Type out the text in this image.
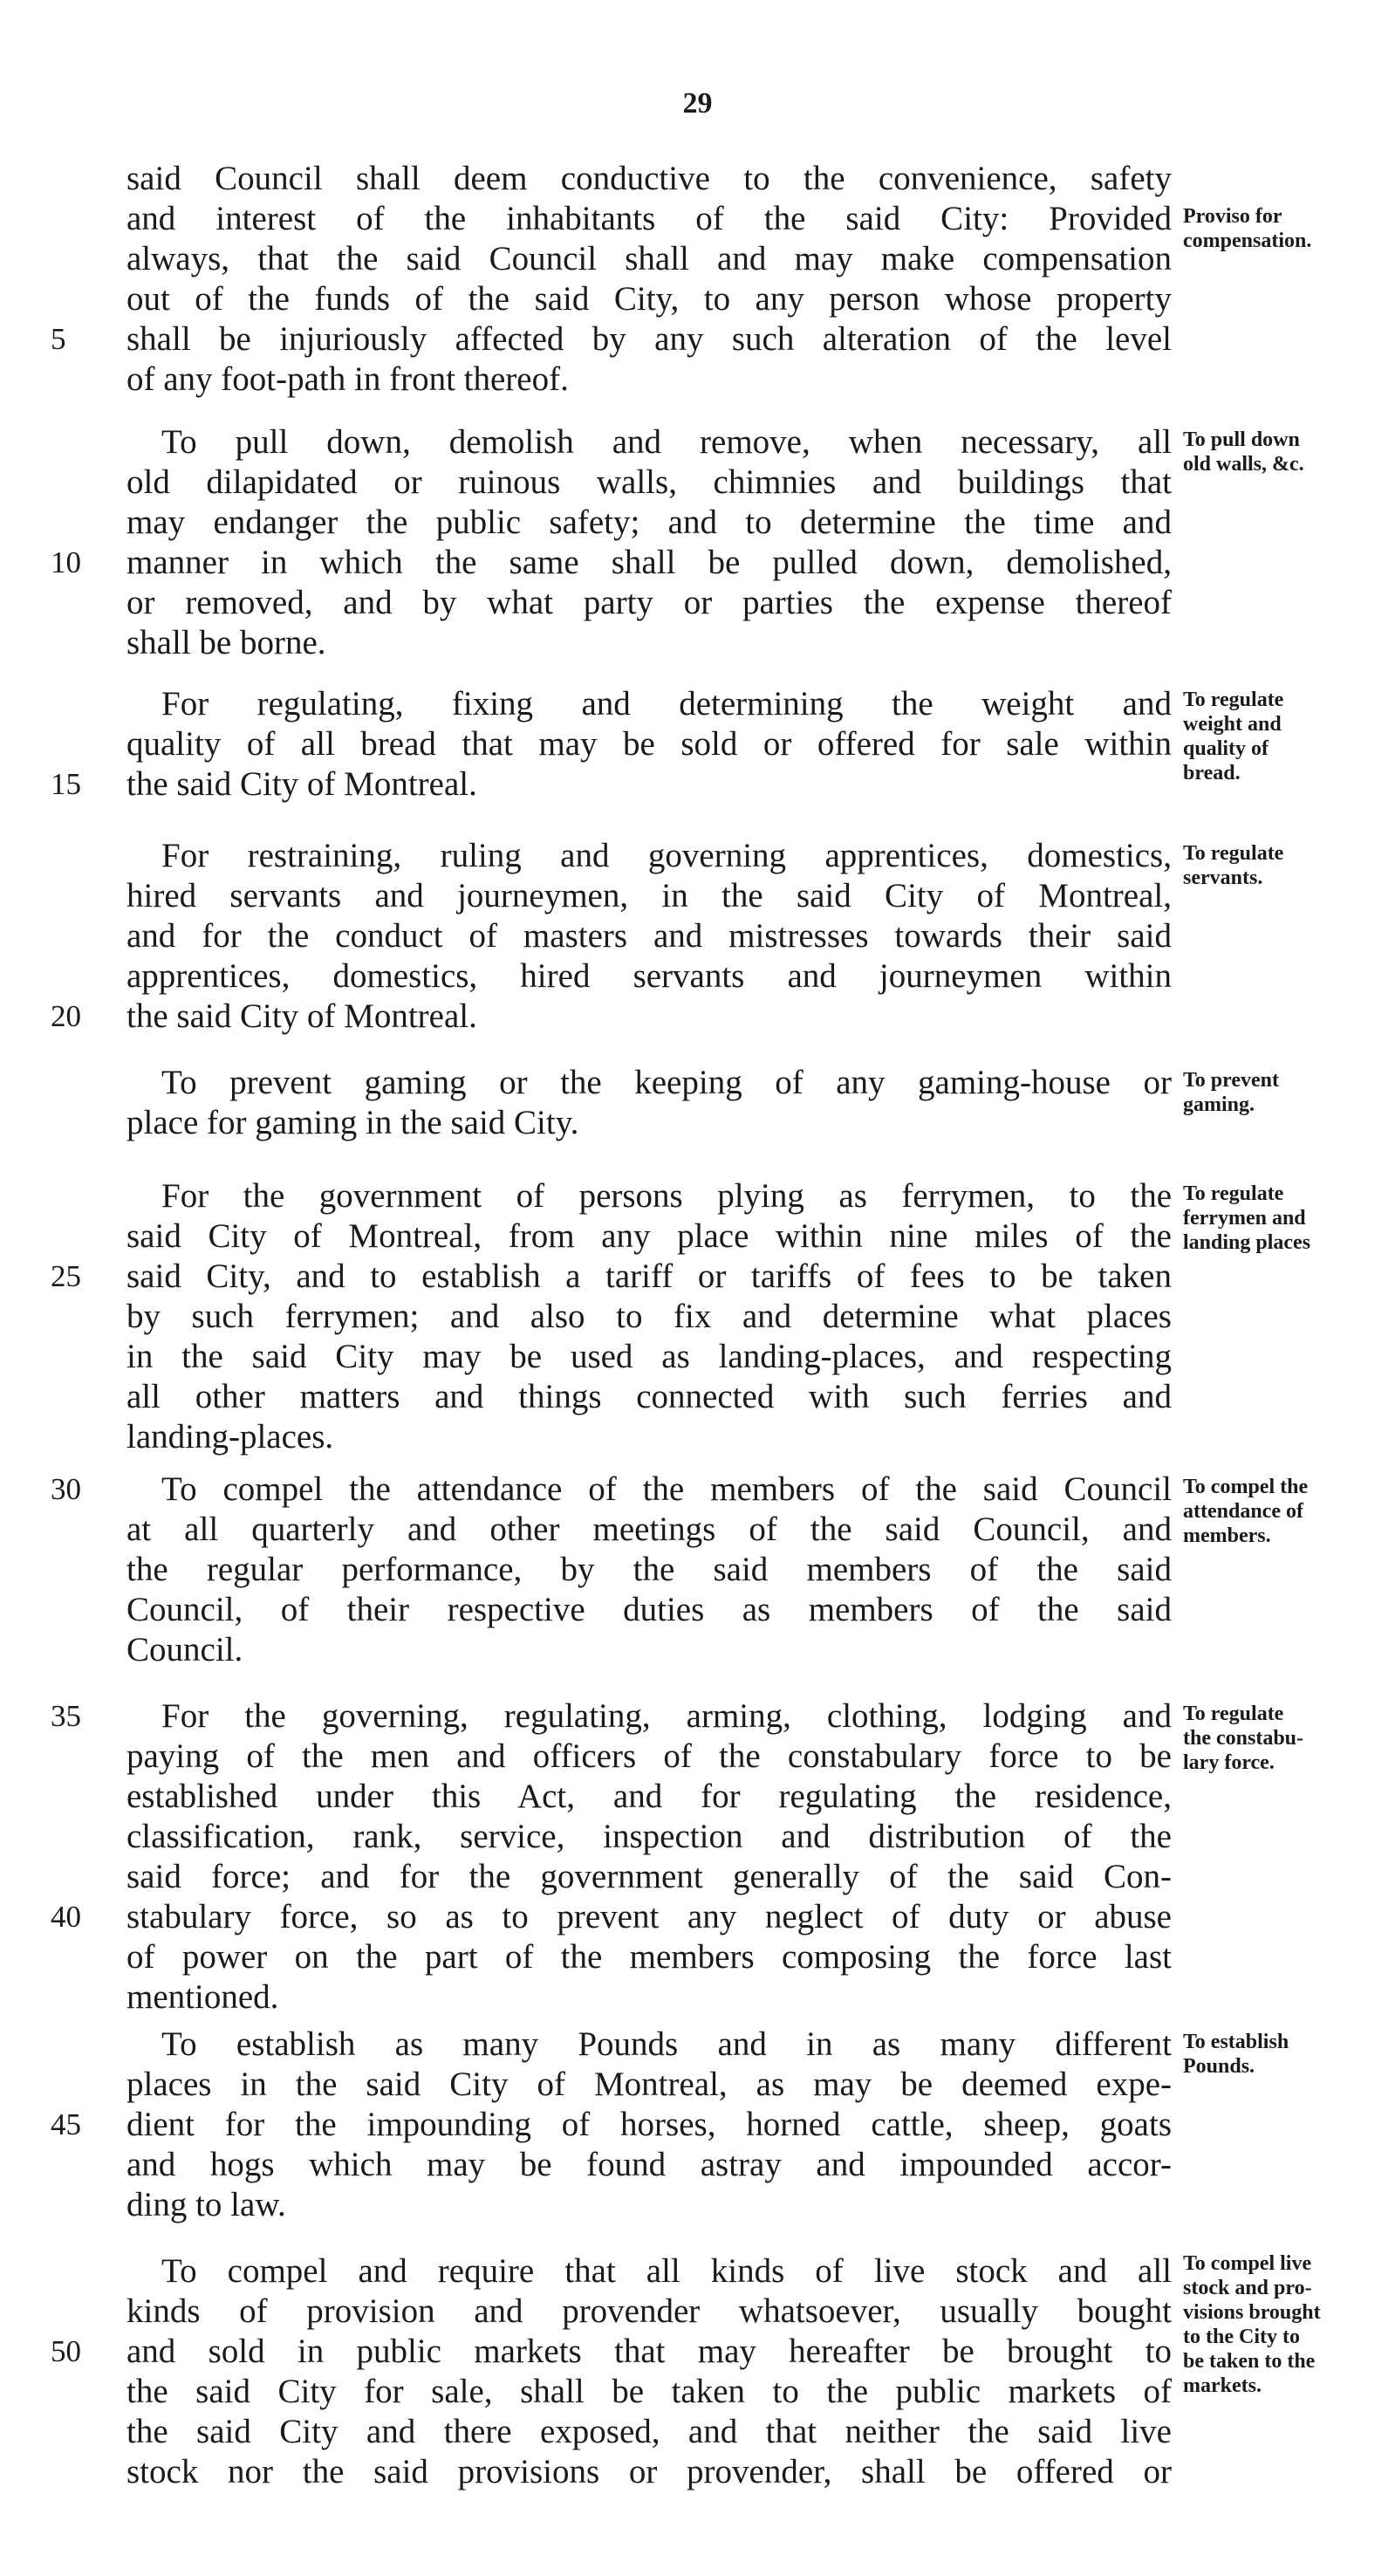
29
said Council shall deem conductive to the convenience, safety
and interest of the inhabitants of the said City: Provided
always, that the said Council shall and may make compensation
out of the funds of the said City, to any person whose property
5	shall be injuriously affected by any such alteration of the level
of any foot-path in front thereof.
Proviso for
compensation.
To pull down, demolish and remove, when necessary, all
old dilapidated or ruinous walls, chimnies and buildings that
may endanger the public safety; and to determine the time and
10	manner in which the same shall be pulled down, demolished,
or removed, and by what party or parties the expense thereof
shall be borne.
To pull down
old walls, &c.
For regulating, fixing and determining the weight and
quality of all bread that may be sold or offered for sale within
15	the said City of Montreal.
To regulate
weight and
quality of
bread.
For restraining, ruling and governing apprentices, domestics,
hired servants and journeymen, in the said City of Montreal,
and for the conduct of masters and mistresses towards their said
apprentices, domestics, hired servants and journeymen within
20	the said City of Montreal.
To regulate
servants.
To prevent gaming or the keeping of any gaming-house or
place for gaming in the said City.
To prevent
gaming.
For the government of persons plying as ferrymen, to the
said City of Montreal, from any place within nine miles of the
25	said City, and to establish a tariff or tariffs of fees to be taken
by such ferrymen; and also to fix and determine what places
in the said City may be used as landing-places, and respecting
all other matters and things connected with such ferries and
landing-places.
To regulate
ferrymen and
landing places
30	To compel the attendance of the members of the said Council
at all quarterly and other meetings of the said Council, and
the regular performance, by the said members of the said
Council, of their respective duties as members of the said
Council.
To compel the
attendance of
members.
35	For the governing, regulating, arming, clothing, lodging and
paying of the men and officers of the constabulary force to be
established under this Act, and for regulating the residence,
classification, rank, service, inspection and distribution of the
said force; and for the government generally of the said Con-
40	stabulary force, so as to prevent any neglect of duty or abuse
of power on the part of the members composing the force last
mentioned.
To regulate
the constabu-
lary force.
To establish as many Pounds and in as many different
places in the said City of Montreal, as may be deemed expe-
45	dient for the impounding of horses, horned cattle, sheep, goats
and hogs which may be found astray and impounded accor-
ding to law.
To establish
Pounds.
To compel and require that all kinds of live stock and all
kinds of provision and provender whatsoever, usually bought
50	and sold in public markets that may hereafter be brought to
the said City for sale, shall be taken to the public markets of
the said City and there exposed, and that neither the said live
stock nor the said provisions or provender, shall be offered or
To compel live
stock and pro-
visions brought
to the City to
be taken to the
markets.
